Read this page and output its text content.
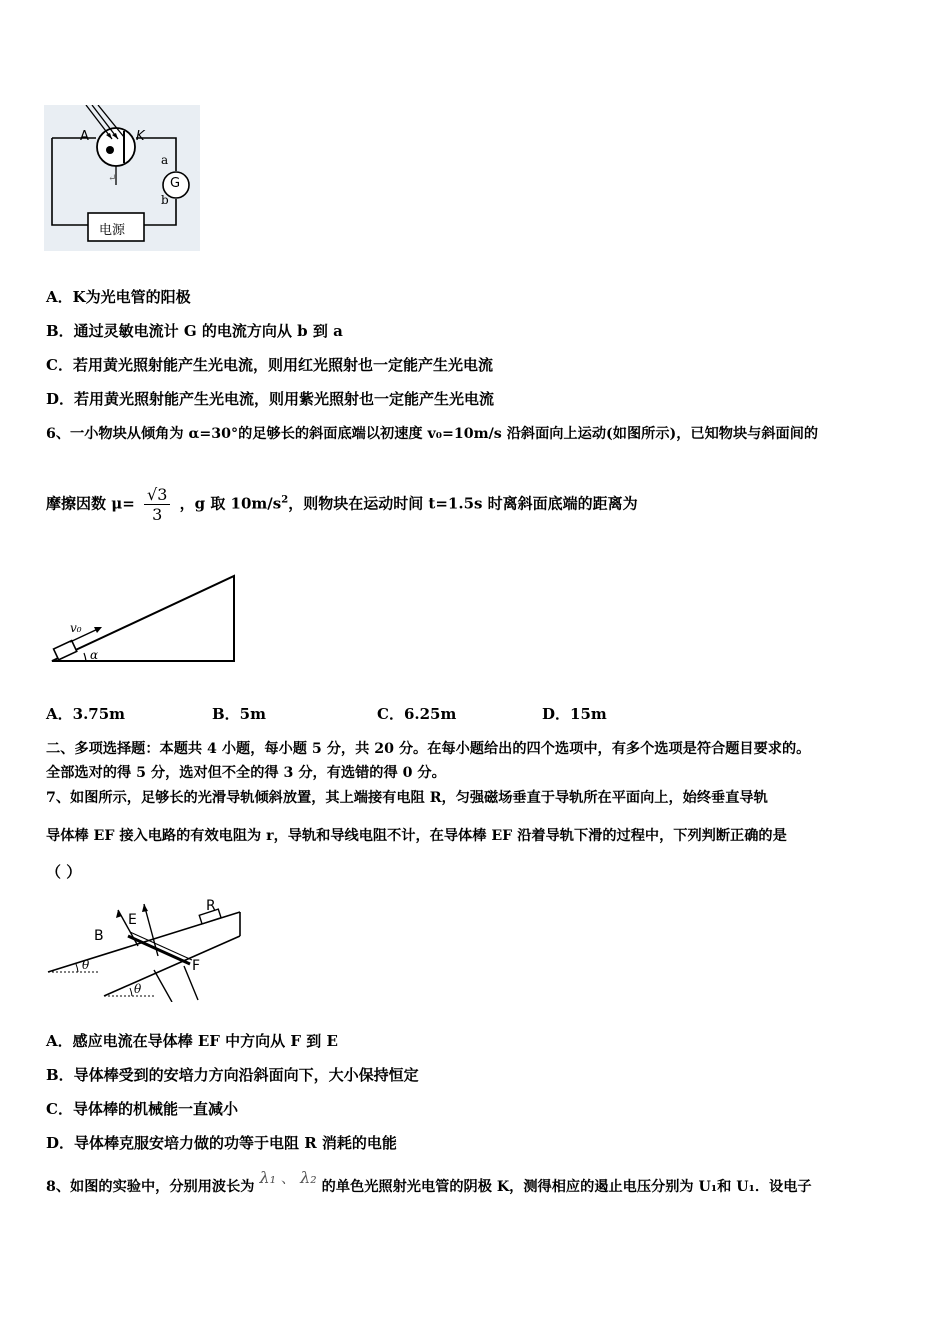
A	K
a
b
G
电源
↵
A．K为光电管的阳极
B．通过灵敏电流计 G 的电流方向从 b 到 a
C．若用黄光照射能产生光电流，则用红光照射也一定能产生光电流
D．若用黄光照射能产生光电流，则用紫光照射也一定能产生光电流
6、一小物块从倾角为 α=30°的足够长的斜面底端以初速度 v₀=10m/s 沿斜面向上运动(如图所示)，已知物块与斜面间的
摩擦因数 $\mu= \frac{√3}{3}$ ，g 取 $10m/s^2$，则物块在运动时间 t=1.5s 时离斜面底端的距离为
v₀
α
A．3.75m	B．5m	C．6.25m	D．15m
二、多项选择题：本题共 4 小题，每小题 5 分，共 20 分。在每小题给出的四个选项中，有多个选项是符合题目要求的。
全部选对的得 5 分，选对但不全的得 3 分，有选错的得 0 分。
7、如图所示，足够长的光滑导轨倾斜放置，其上端接有电阻 R，匀强磁场垂直于导轨所在平面向上，始终垂直导轨
导体棒 EF 接入电路的有效电阻为 r，导轨和导线电阻不计，在导体棒 EF 沿着导轨下滑的过程中，下列判断正确的是
（ ）
B
E
R
F
θ
θ
A．感应电流在导体棒 EF 中方向从 F 到 E
B．导体棒受到的安培力方向沿斜面向下，大小保持恒定
C．导体棒的机械能一直减小
D．导体棒克服安培力做的功等于电阻 R 消耗的电能
8、如图的实验中，分别用波长为 λ₁ 、 λ₂ 的单色光照射光电管的阴极 K，测得相应的遏止电压分别为 U₁和 U₁．设电子
